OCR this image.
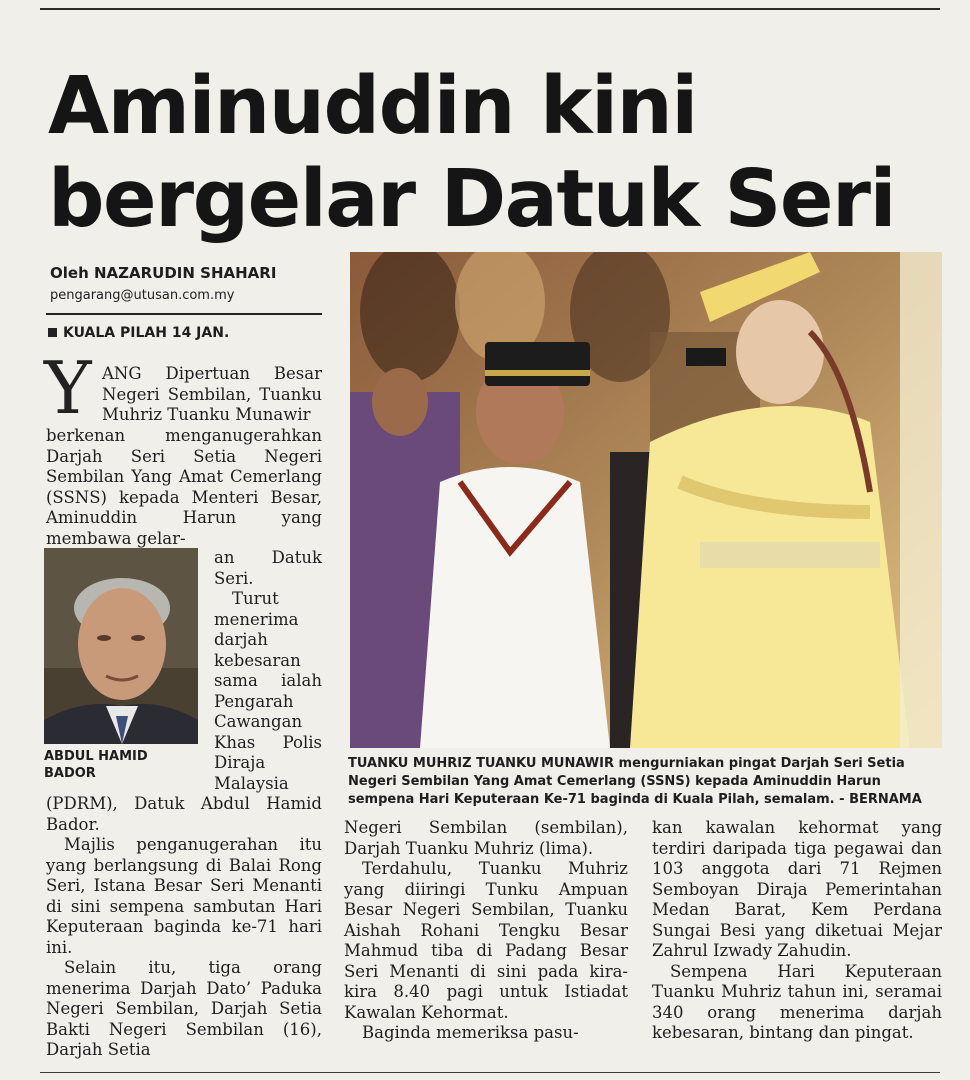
Aminuddin kini
bergelar Datuk Seri
Oleh NAZARUDIN SHAHARI
pengarang@utusan.com.my
KUALA PILAH 14 JAN.
Y ANG Dipertuan Besar Negeri Sembilan, Tuanku Muhriz Tuanku Munawir

berkenan menganugerahkan Darjah Seri Setia Negeri Sembilan Yang Amat Cemerlang (SSNS) kepada Menteri Besar, Aminuddin Harun yang membawa gelar-

ABDUL HAMID
BADOR

an Datuk Seri.

Turut menerima darjah kebesaran sama ialah Pengarah Cawangan Khas Polis Diraja Malaysia

(PDRM), Datuk Abdul Hamid Bador.

Majlis penganugerahan itu yang berlangsung di Balai Rong Seri, Istana Besar Seri Menanti di sini sempena sambutan Hari Keputeraan baginda ke-71 hari ini.

Selain itu, tiga orang menerima Darjah Dato’ Paduka Negeri Sembilan, Darjah Setia Bakti Negeri Sembilan (16), Darjah Setia

TUANKU MUHRIZ TUANKU MUNAWIR mengurniakan pingat Darjah Seri Setia Negeri Sembilan Yang Amat Cemerlang (SSNS) kepada Aminuddin Harun sempena Hari Keputeraan Ke-71 baginda di Kuala Pilah, semalam. - BERNAMA

Negeri Sembilan (sembilan), Darjah Tuanku Muhriz (lima).

Terdahulu, Tuanku Muhriz yang diiringi Tunku Ampuan Besar Negeri Sembilan, Tuanku Aishah Rohani Tengku Besar Mahmud tiba di Padang Besar Seri Menanti di sini pada kira-kira 8.40 pagi untuk Istiadat Kawalan Kehormat.

Baginda memeriksa pasu-

kan kawalan kehormat yang terdiri daripada tiga pegawai dan 103 anggota dari 71 Rejmen Semboyan Diraja Pemerintahan Medan Barat, Kem Perdana Sungai Besi yang diketuai Mejar Zahrul Izwady Zahudin.

Sempena Hari Keputeraan Tuanku Muhriz tahun ini, seramai 340 orang menerima darjah kebesaran, bintang dan pingat.
